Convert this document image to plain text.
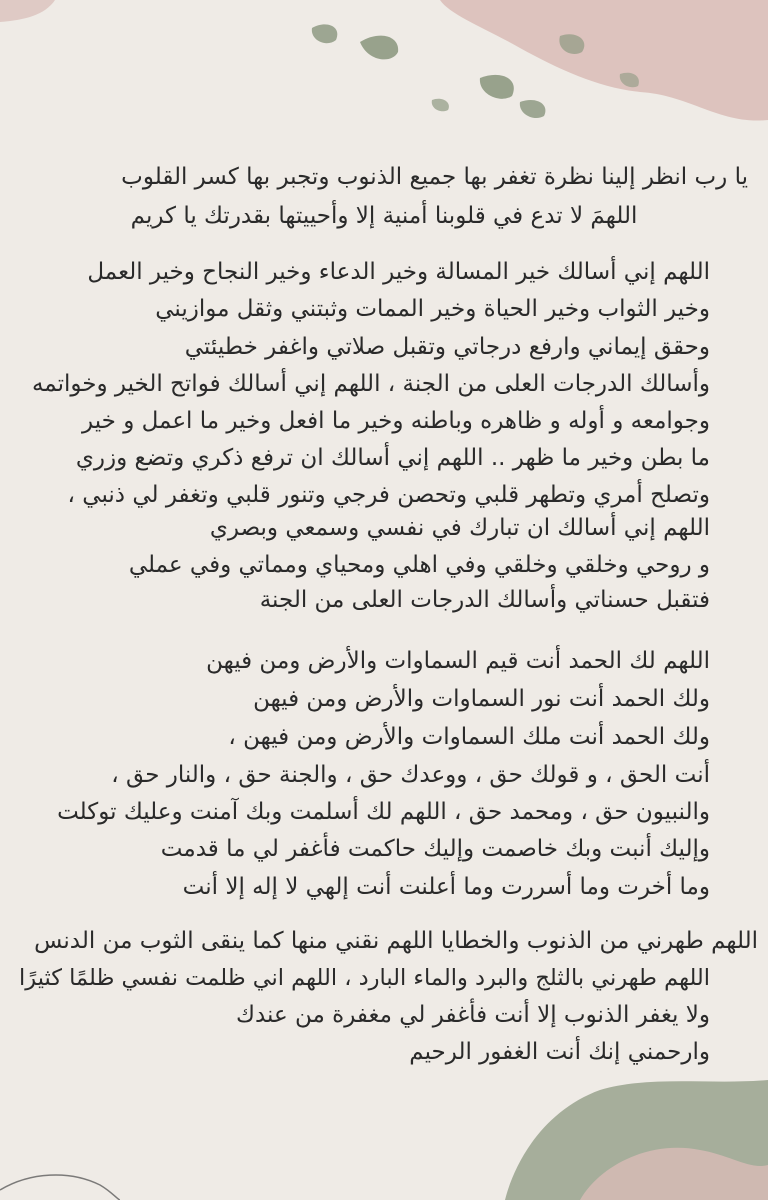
يا رب انظر إلينا نظرة تغفر بها جميع الذنوب وتجبر بها كسر القلوب
اللهمَ لا تدع في قلوبنا أمنية إلا وأحييتها بقدرتك يا كريم
اللهم إني أسالك خير المسالة وخير الدعاء وخير النجاح وخير العمل
وخير الثواب وخير الحياة وخير الممات وثبتني وثقل موازيني
وحقق إيماني وارفع درجاتي وتقبل صلاتي واغفر خطيئتي
وأسالك الدرجات العلى من الجنة ، اللهم إني أسالك فواتح الخير وخواتمه
وجوامعه و أوله و ظاهره وباطنه وخير ما افعل وخير ما اعمل و خير
ما بطن وخير ما ظهر .. اللهم إني أسالك ان ترفع ذكري وتضع وزري
وتصلح أمري وتطهر قلبي وتحصن فرجي وتنور قلبي وتغفر لي ذنبي ،
اللهم إني أسالك ان تبارك في نفسي وسمعي وبصري
و روحي وخلقي وخلقي وفي اهلي ومحياي ومماتي وفي عملي
فتقبل حسناتي وأسالك الدرجات العلى من الجنة
اللهم لك الحمد أنت قيم السماوات والأرض ومن فيهن
ولك الحمد أنت نور السماوات والأرض ومن فيهن
ولك الحمد أنت ملك السماوات والأرض ومن فيهن ،
أنت الحق ، و قولك حق ، ووعدك حق ، والجنة حق ، والنار حق ،
والنبيون حق ، ومحمد حق ، اللهم لك أسلمت وبك آمنت وعليك توكلت
وإليك أنبت وبك خاصمت وإليك حاكمت فأغفر لي ما قدمت
وما أخرت وما أسررت وما أعلنت أنت إلهي لا إله إلا أنت
اللهم طهرني من الذنوب والخطايا اللهم نقني منها كما ينقى الثوب من الدنس
اللهم طهرني بالثلج والبرد والماء البارد ، اللهم اني ظلمت نفسي ظلمًا كثيرًا
ولا يغفر الذنوب إلا أنت فأغفر لي مغفرة من عندك
وارحمني إنك أنت الغفور الرحيم
